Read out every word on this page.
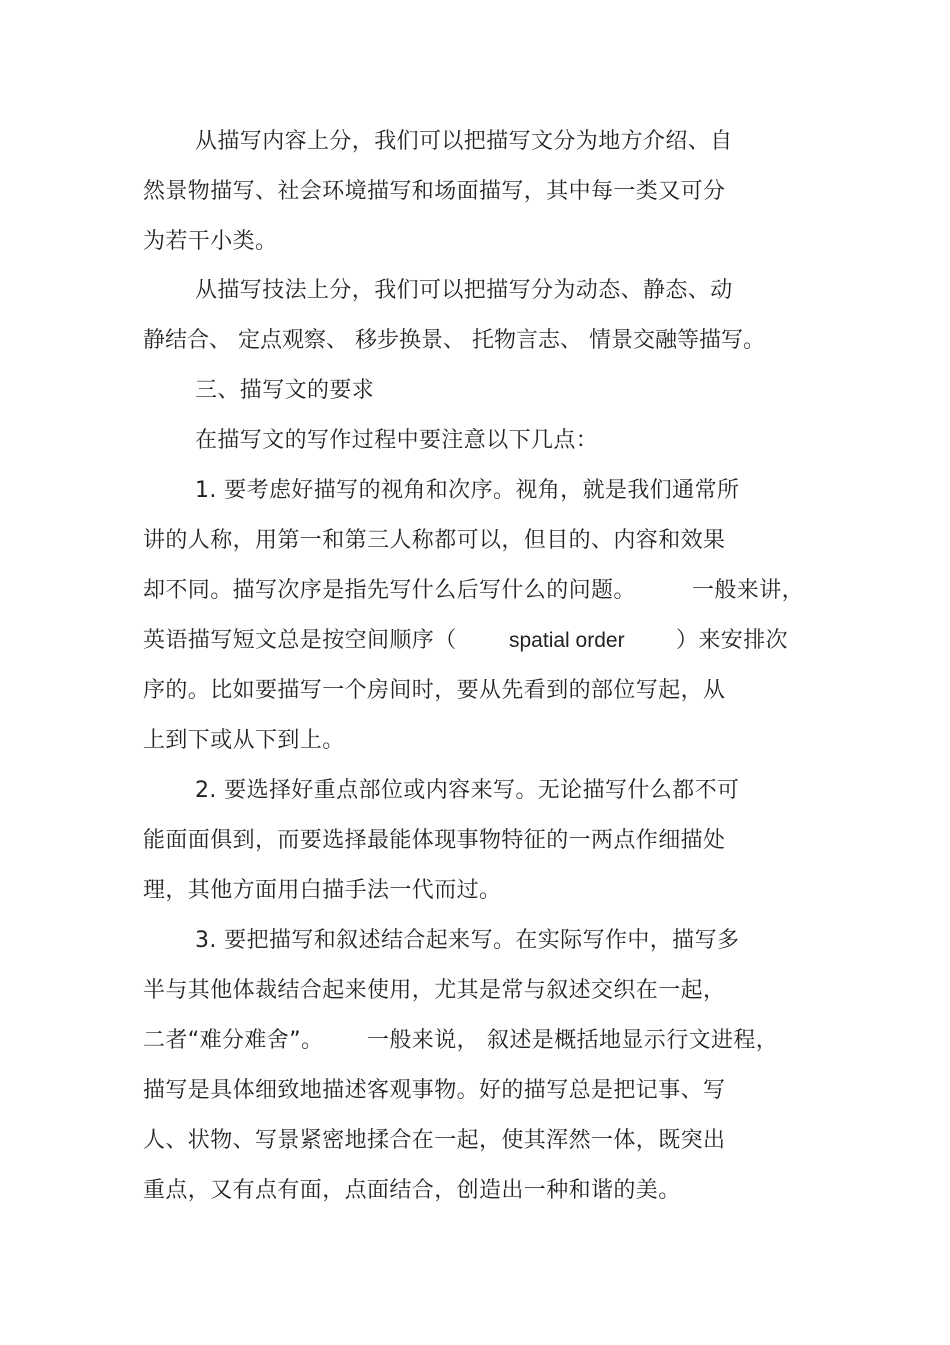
从描写内容上分，我们可以把描写文分为地方介绍、自
然景物描写、社会环境描写和场面描写，其中每一类又可分
为若干小类。
从描写技法上分，我们可以把描写分为动态、静态、动
静结合、 定点观察、 移步换景、 托物言志、 情景交融等描写。
三、描写文的要求
在描写文的写作过程中要注意以下几点：
1. 要考虑好描写的视角和次序。视角，就是我们通常所
讲的人称，用第一和第三人称都可以，但目的、内容和效果
却不同。描写次序是指先写什么后写什么的问题。	一般来讲，
英语描写短文总是按空间顺序（ spatial order ）来安排次
序的。比如要描写一个房间时，要从先看到的部位写起，从
上到下或从下到上。
2. 要选择好重点部位或内容来写。无论描写什么都不可
能面面俱到，而要选择最能体现事物特征的一两点作细描处
理，其他方面用白描手法一代而过。
3. 要把描写和叙述结合起来写。在实际写作中，描写多
半与其他体裁结合起来使用，尤其是常与叙述交织在一起，
二者“难分难舍”。 一般来说， 叙述是概括地显示行文进程，
描写是具体细致地描述客观事物。好的描写总是把记事、写
人、状物、写景紧密地揉合在一起，使其浑然一体，既突出
重点，又有点有面，点面结合，创造出一种和谐的美。
